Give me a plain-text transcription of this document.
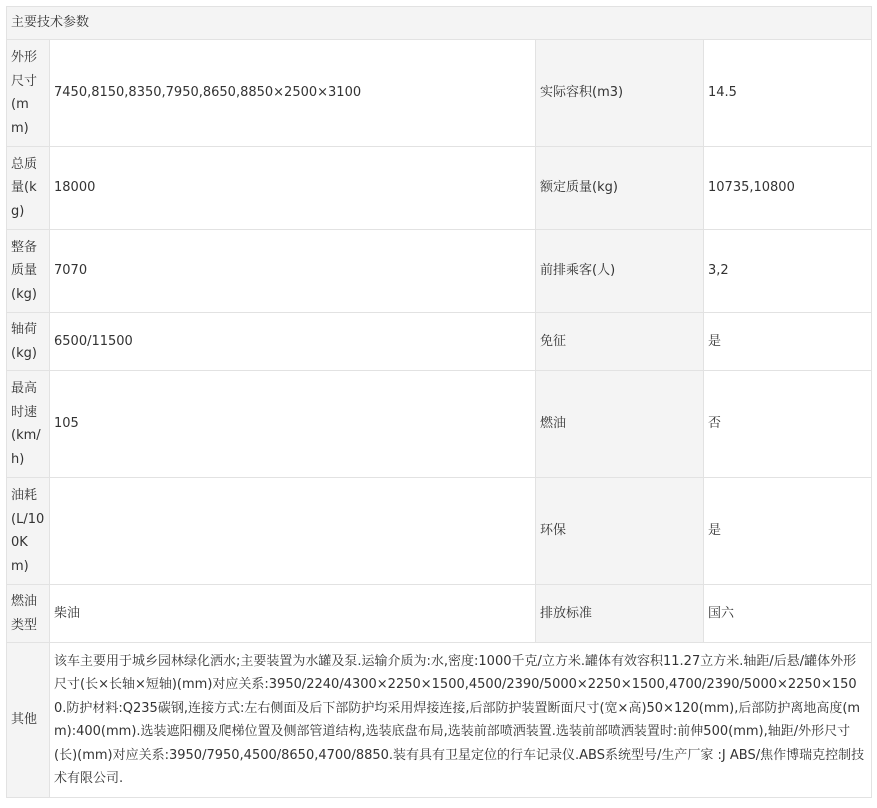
主要技术参数			
外形尺寸(mm)	7450,8150,8350,7950,8650,8850×2500×3100	实际容积(m3)	14.5
总质量(kg)	18000	额定质量(kg)	10735,10800
整备质量(kg)	7070	前排乘客(人)	3,2
轴荷(kg)	6500/11500	免征	是
最高时速(km/h)	105	燃油	否
油耗(L/100Km)		环保	是
燃油类型	柴油	排放标准	国六
其他	该车主要用于城乡园林绿化洒水;主要装置为水罐及泵.运输介质为:水,密度:1000千克/立方米.罐体有效容积11.27立方米.轴距/后悬/罐体外形尺寸(长×长轴×短轴)(mm)对应关系:3950/2240/4300×2250×1500,4500/2390/5000×2250×1500,4700/2390/5000×2250×1500.防护材料:Q235碳钢,连接方式:左右侧面及后下部防护均采用焊接连接,后部防护装置断面尺寸(宽×高)50×120(mm),后部防护离地高度(mm):400(mm).选装遮阳棚及爬梯位置及侧部管道结构,选装底盘布局,选装前部喷洒装置.选装前部喷洒装置时:前伸500(mm),轴距/外形尺寸(长)(mm)对应关系:3950/7950,4500/8650,4700/8850.装有具有卫星定位的行车记录仪.ABS系统型号/生产厂家 :J ABS/焦作博瑞克控制技术有限公司.		
